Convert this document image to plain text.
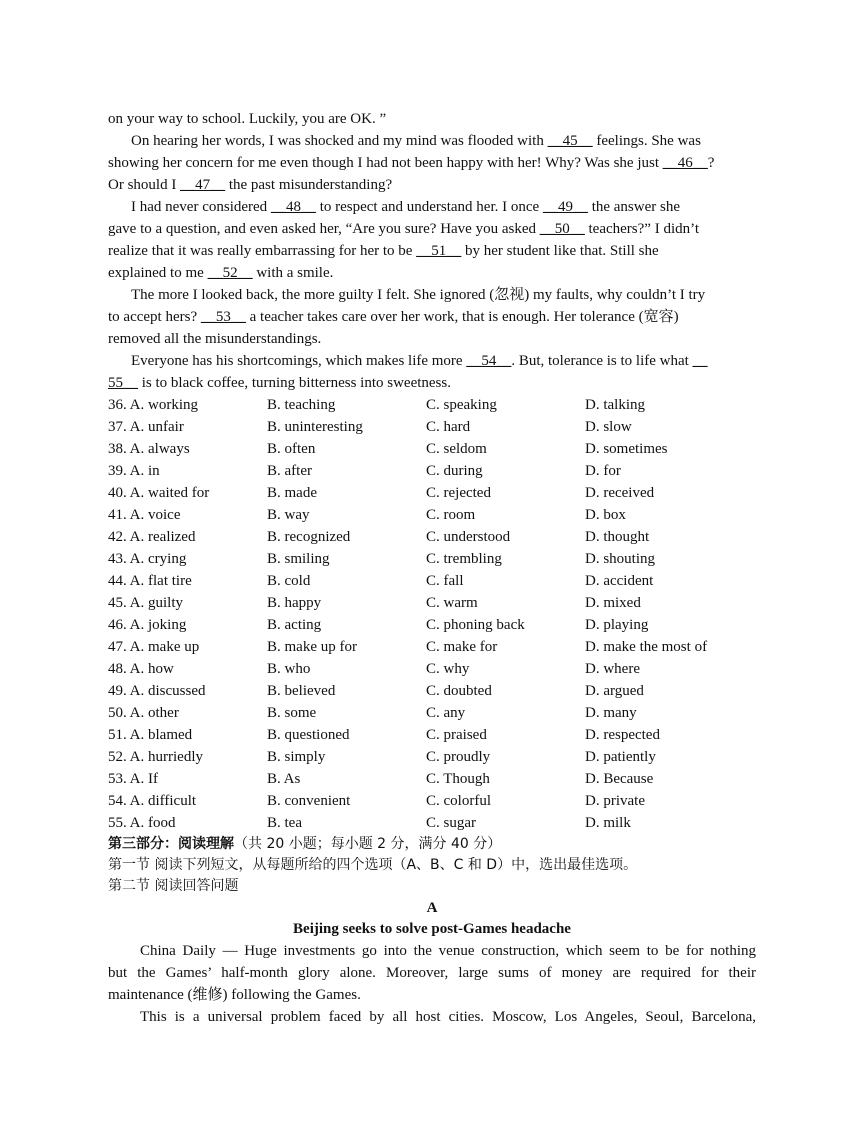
on your way to school. Luckily, you are OK. ”
On hearing her words, I was shocked and my mind was flooded with __45__ feelings. She was
showing her concern for me even though I had not been happy with her! Why? Was she just __46__?
Or should I __47__ the past misunderstanding?
I had never considered __48__ to respect and understand her. I once __49__ the answer she
gave to a question, and even asked her, “Are you sure? Have you asked __50__ teachers?” I didn’t
realize that it was really embarrassing for her to be __51__ by her student like that. Still she
explained to me __52__ with a smile.
The more I looked back, the more guilty I felt. She ignored (忽视) my faults, why couldn’t I try
to accept hers? __53__ a teacher takes care over her work, that is enough. Her tolerance (宽容)
removed all the misunderstandings.
Everyone has his shortcomings, which makes life more __54__. But, tolerance is to life what __
55__ is to black coffee, turning bitterness into sweetness.
36. A. working	B. teaching	C. speaking	D. talking
37. A. unfair	B. uninteresting	C. hard	D. slow
38. A. always	B. often	C. seldom	D. sometimes
39. A. in	B. after	C. during	D. for
40. A. waited for	B. made	C. rejected	D. received
41. A. voice	B. way	C. room	D. box
42. A. realized	B. recognized	C. understood	D. thought
43. A. crying	B. smiling	C. trembling	D. shouting
44. A. flat tire	B. cold	C. fall	D. accident
45. A. guilty	B. happy	C. warm	D. mixed
46. A. joking	B. acting	C. phoning back	D. playing
47. A. make up	B. make up for	C. make for	D. make the most of
48. A. how	B. who	C. why	D. where
49. A. discussed	B. believed	C. doubted	D. argued
50. A. other	B. some	C. any	D. many
51. A. blamed	B. questioned	C. praised	D. respected
52. A. hurriedly	B. simply	C. proudly	D. patiently
53. A. If	B. As	C. Though	D. Because
54. A. difficult	B. convenient	C. colorful	D. private
55. A. food	B. tea	C. sugar	D. milk
第三部分：阅读理解（共 20 小题；每小题 2 分，满分 40 分）
第一节 阅读下列短文，从每题所给的四个选项（A、B、C 和 D）中，选出最佳选项。
第二节 阅读回答问题
A
Beijing seeks to solve post-Games headache
China Daily — Huge investments go into the venue construction, which seem to be for nothing
but the Games’ half-month glory alone. Moreover, large sums of money are required for their
maintenance (维修) following the Games.
This is a universal problem faced by all host cities. Moscow, Los Angeles, Seoul, Barcelona,
